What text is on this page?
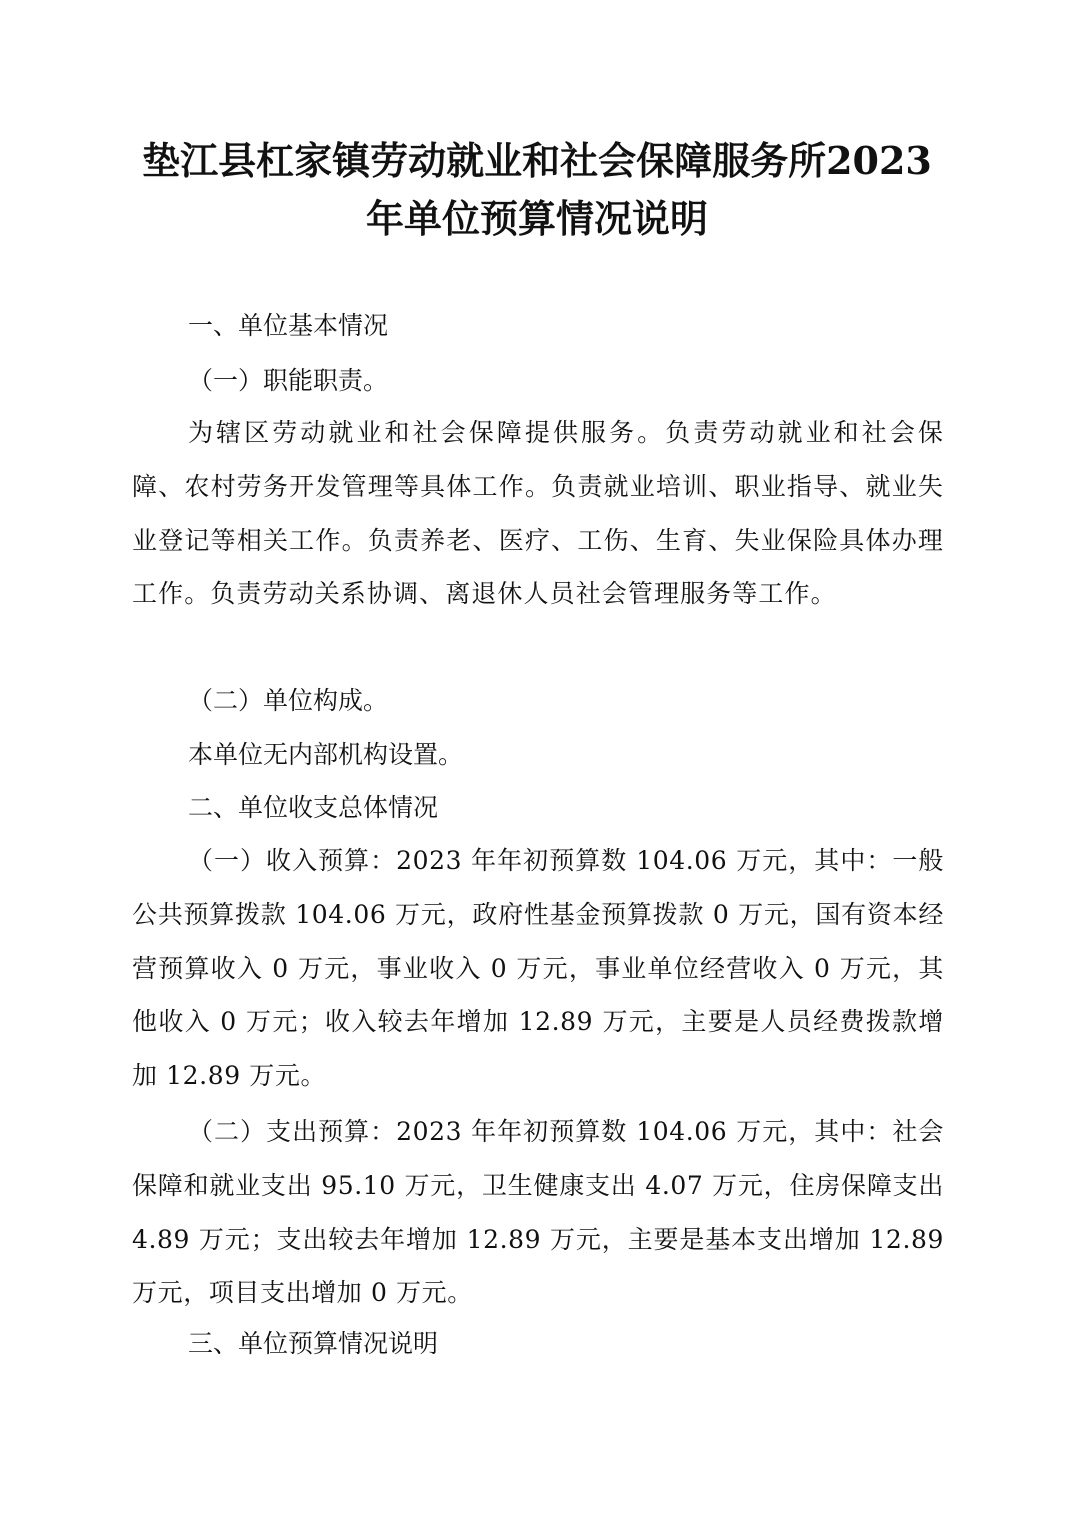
垫江县杠家镇劳动就业和社会保障服务所2023
年单位预算情况说明
一、单位基本情况
（一）职能职责。

为辖区劳动就业和社会保障提供服务。负责劳动就业和社会保障、农村劳务开发管理等具体工作。负责就业培训、职业指导、就业失业登记等相关工作。负责养老、医疗、工伤、生育、失业保险具体办理工作。负责劳动关系协调、离退休人员社会管理服务等工作。

（二）单位构成。
本单位无内部机构设置。
二、单位收支总体情况

（一）收入预算：2023 年年初预算数 104.06 万元，其中：一般公共预算拨款 104.06 万元，政府性基金预算拨款 0 万元，国有资本经营预算收入 0 万元，事业收入 0 万元，事业单位经营收入 0 万元，其他收入 0 万元；收入较去年增加 12.89 万元，主要是人员经费拨款增加 12.89 万元。

（二）支出预算：2023 年年初预算数 104.06 万元，其中：社会保障和就业支出 95.10 万元，卫生健康支出 4.07 万元，住房保障支出 4.89 万元；支出较去年增加 12.89 万元，主要是基本支出增加 12.89 万元，项目支出增加 0 万元。

三、单位预算情况说明
